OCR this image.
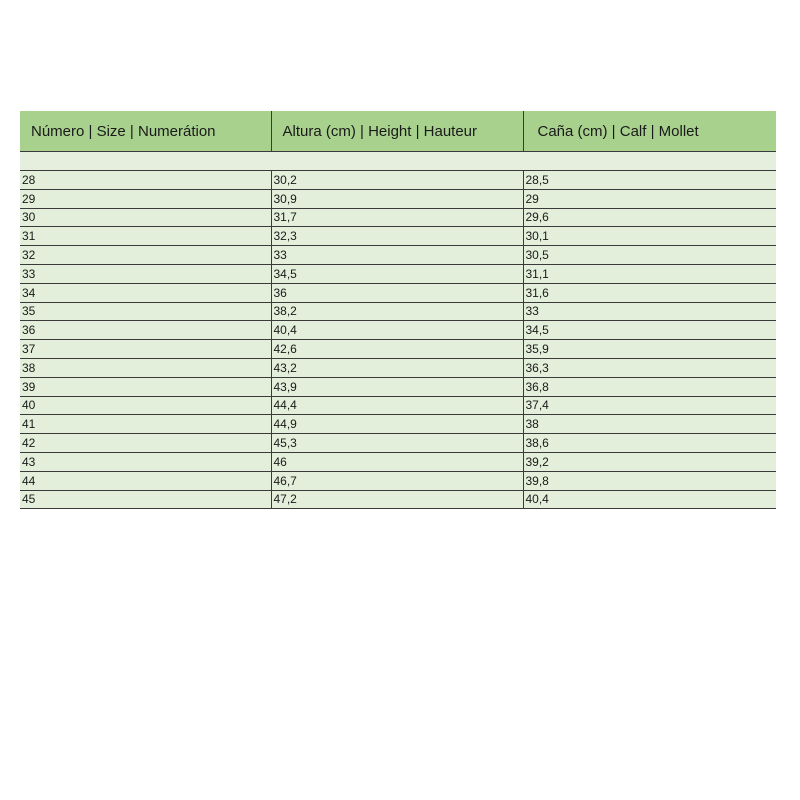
Número | Size | Numerátion	Altura (cm) | Height | Hauteur	Caña (cm) | Calf | Mollet

28	30,2	28,5
29	30,9	29
30	31,7	29,6
31	32,3	30,1
32	33	30,5
33	34,5	31,1
34	36	31,6
35	38,2	33
36	40,4	34,5
37	42,6	35,9
38	43,2	36,3
39	43,9	36,8
40	44,4	37,4
41	44,9	38
42	45,3	38,6
43	46	39,2
44	46,7	39,8
45	47,2	40,4
